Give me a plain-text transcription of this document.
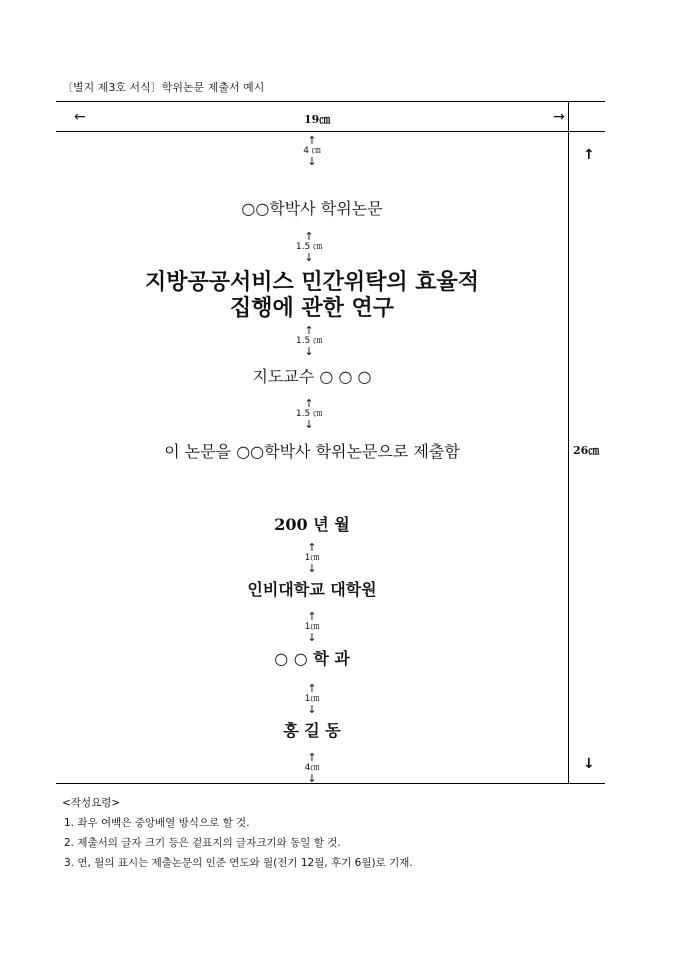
〔별지 제3호 서식〕학위논문 제출서 예시
←	19㎝	→
↑
4 ㎝
↓
○○학박사 학위논문
↑
1.5 ㎝
↓
지방공공서비스 민간위탁의 효율적
집행에 관한 연구
↑
1.5 ㎝
↓
지도교수 ○ ○ ○
↑
1.5 ㎝
↓
이 논문을 ○○학박사 학위논문으로 제출함
200 년 월
↑
1㎝
↓
인비대학교 대학원
↑
1㎝
↓
○ ○ 학 과
↑
1㎝
↓
홍 길 동
↑
4㎝
↓
↑
26㎝
↓
<작성요령>
1. 좌우 여백은 중앙배열 방식으로 할 것.
2. 제출서의 글자 크기 등은 겉표지의 글자크기와 동일 할 것.
3. 연, 월의 표시는 제출논문의 인준 연도와 월(전기 12월, 후기 6월)로 기재.
